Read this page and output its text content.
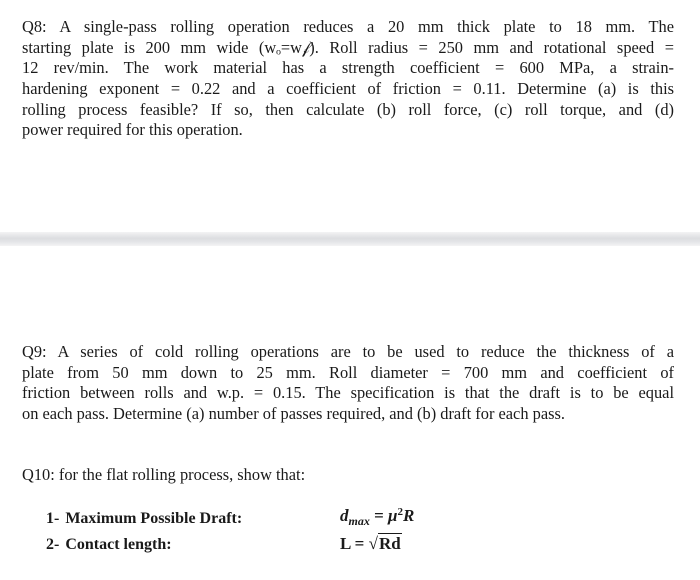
Q8: A single-pass rolling operation reduces a 20 mm thick plate to 18 mm. The
starting plate is 200 mm wide (wₒ=w𝒻). Roll radius = 250 mm and rotational speed =
12 rev/min. The work material has a strength coefficient = 600 MPa, a strain-
hardening exponent = 0.22 and a coefficient of friction = 0.11. Determine (a) is this
rolling process feasible? If so, then calculate (b) roll force, (c) roll torque, and (d)
power required for this operation.
Q9: A series of cold rolling operations are to be used to reduce the thickness of a
plate from 50 mm down to 25 mm. Roll diameter = 700 mm and coefficient of
friction between rolls and w.p. = 0.15. The specification is that the draft is to be equal
on each pass. Determine (a) number of passes required, and (b) draft for each pass.

Q10: for the flat rolling process, show that:

1- Maximum Possible Draft:	$d_{max} = \mu^2R$
2- Contact length:	L = √Rd
